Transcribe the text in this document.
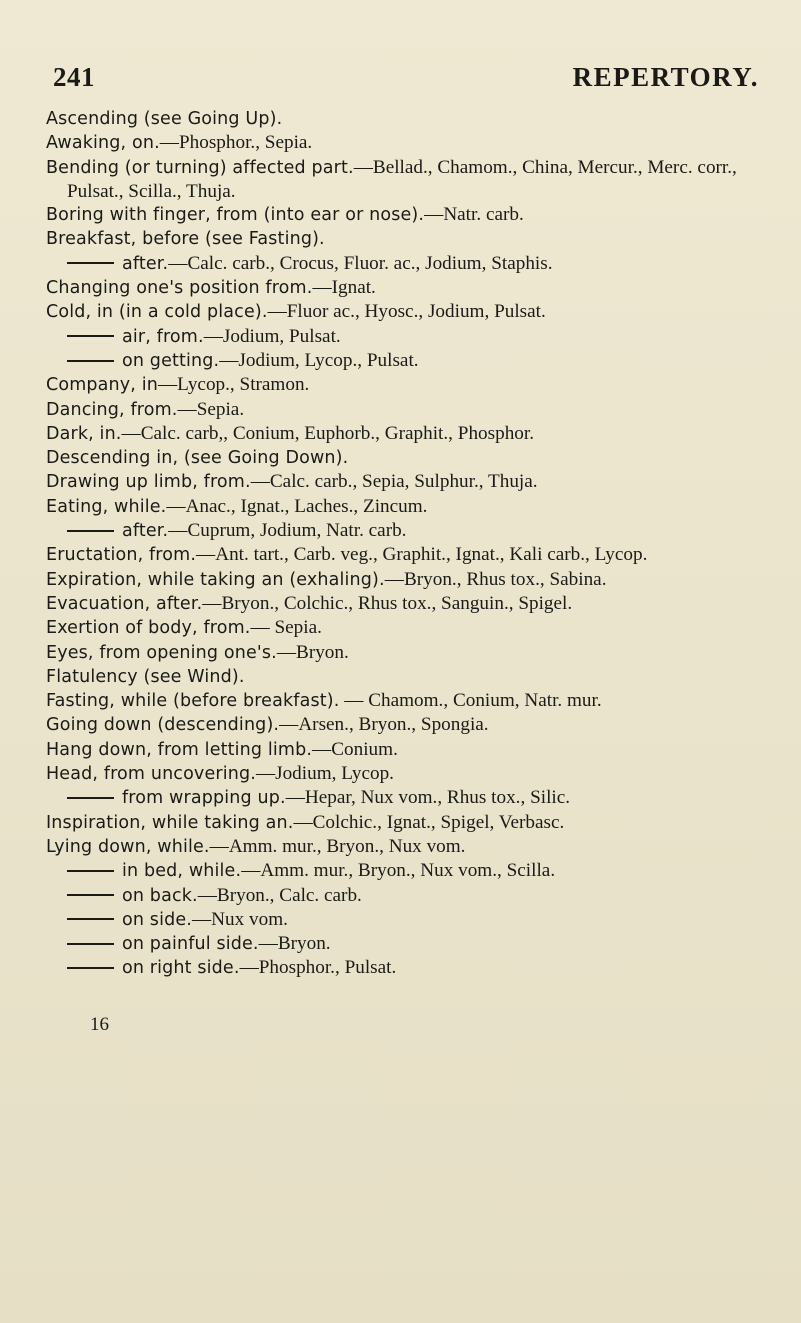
241	REPERTORY.

Ascending (see Going Up).

Awaking, on.—Phosphor., Sepia.

Bending (or turning) affected part.—Bellad., Chamom., China, Mercur., Merc. corr., Pulsat., Scilla., Thuja.

Boring with finger, from (into ear or nose).—Natr. carb.

Breakfast, before (see Fasting).

after.—Calc. carb., Crocus, Fluor. ac., Jodium, Staphis.

Changing one's position from.—Ignat.

Cold, in (in a cold place).—Fluor ac., Hyosc., Jodium, Pulsat.

air, from.—Jodium, Pulsat.

on getting.—Jodium, Lycop., Pulsat.

Company, in—Lycop., Stramon.

Dancing, from.—Sepia.

Dark, in.—Calc. carb,, Conium, Euphorb., Graphit., Phosphor.

Descending in, (see Going Down).

Drawing up limb, from.—Calc. carb., Sepia, Sulphur., Thuja.

Eating, while.—Anac., Ignat., Laches., Zincum.

after.—Cuprum, Jodium, Natr. carb.

Eructation, from.—Ant. tart., Carb. veg., Graphit., Ignat., Kali carb., Lycop.

Expiration, while taking an (exhaling).—Bryon., Rhus tox., Sabina.

Evacuation, after.—Bryon., Colchic., Rhus tox., Sanguin., Spigel.

Exertion of body, from.— Sepia.

Eyes, from opening one's.—Bryon.

Flatulency (see Wind).

Fasting, while (before breakfast). — Chamom., Conium, Natr. mur.

Going down (descending).—Arsen., Bryon., Spongia.

Hang down, from letting limb.—Conium.

Head, from uncovering.—Jodium, Lycop.

from wrapping up.—Hepar, Nux vom., Rhus tox., Silic.

Inspiration, while taking an.—Colchic., Ignat., Spigel, Verbasc.

Lying down, while.—Amm. mur., Bryon., Nux vom.

in bed, while.—Amm. mur., Bryon., Nux vom., Scilla.

on back.—Bryon., Calc. carb.

on side.—Nux vom.

on painful side.—Bryon.

on right side.—Phosphor., Pulsat.

16
